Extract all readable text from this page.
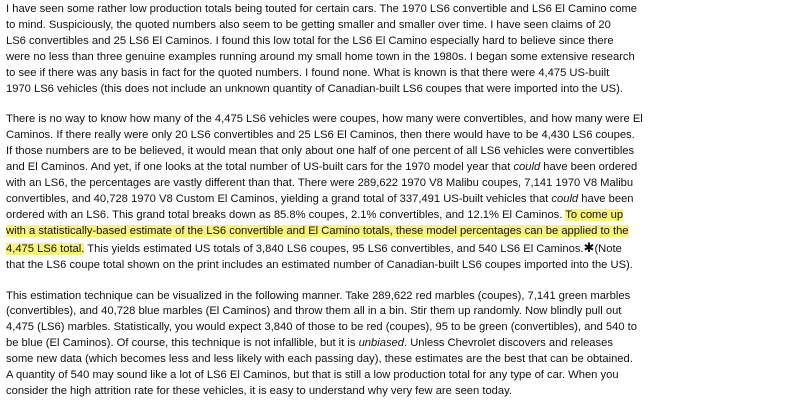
I have seen some rather low production totals being touted for certain cars. The 1970 LS6 convertible and LS6 El Camino come
to mind. Suspiciously, the quoted numbers also seem to be getting smaller and smaller over time. I have seen claims of 20
LS6 convertibles and 25 LS6 El Caminos. I found this low total for the LS6 El Camino especially hard to believe since there
were no less than three genuine examples running around my small home town in the 1980s. I began some extensive research
to see if there was any basis in fact for the quoted numbers. I found none. What is known is that there were 4,475 US-built
1970 LS6 vehicles (this does not include an unknown quantity of Canadian-built LS6 coupes that were imported into the US).

There is no way to know how many of the 4,475 LS6 vehicles were coupes, how many were convertibles, and how many were El
Caminos. If there really were only 20 LS6 convertibles and 25 LS6 El Caminos, then there would have to be 4,430 LS6 coupes.
If those numbers are to be believed, it would mean that only about one half of one percent of all LS6 vehicles were convertibles
and El Caminos. And yet, if one looks at the total number of US-built cars for the 1970 model year that could have been ordered
with an LS6, the percentages are vastly different than that. There were 289,622 1970 V8 Malibu coupes, 7,141 1970 V8 Malibu
convertibles, and 40,728 1970 V8 Custom El Caminos, yielding a grand total of 337,491 US-built vehicles that could have been
ordered with an LS6. This grand total breaks down as 85.8% coupes, 2.1% convertibles, and 12.1% El Caminos. To come up
with a statistically-based estimate of the LS6 convertible and El Camino totals, these model percentages can be applied to the
4,475 LS6 total. This yields estimated US totals of 3,840 LS6 coupes, 95 LS6 convertibles, and 540 LS6 El Caminos.✱(Note
that the LS6 coupe total shown on the print includes an estimated number of Canadian-built LS6 coupes imported into the US).

This estimation technique can be visualized in the following manner. Take 289,622 red marbles (coupes), 7,141 green marbles
(convertibles), and 40,728 blue marbles (El Caminos) and throw them all in a bin. Stir them up randomly. Now blindly pull out
4,475 (LS6) marbles. Statistically, you would expect 3,840 of those to be red (coupes), 95 to be green (convertibles), and 540 to
be blue (El Caminos). Of course, this technique is not infallible, but it is unbiased. Unless Chevrolet discovers and releases
some new data (which becomes less and less likely with each passing day), these estimates are the best that can be obtained.
A quantity of 540 may sound like a lot of LS6 El Caminos, but that is still a low production total for any type of car. When you
consider the high attrition rate for these vehicles, it is easy to understand why very few are seen today.
